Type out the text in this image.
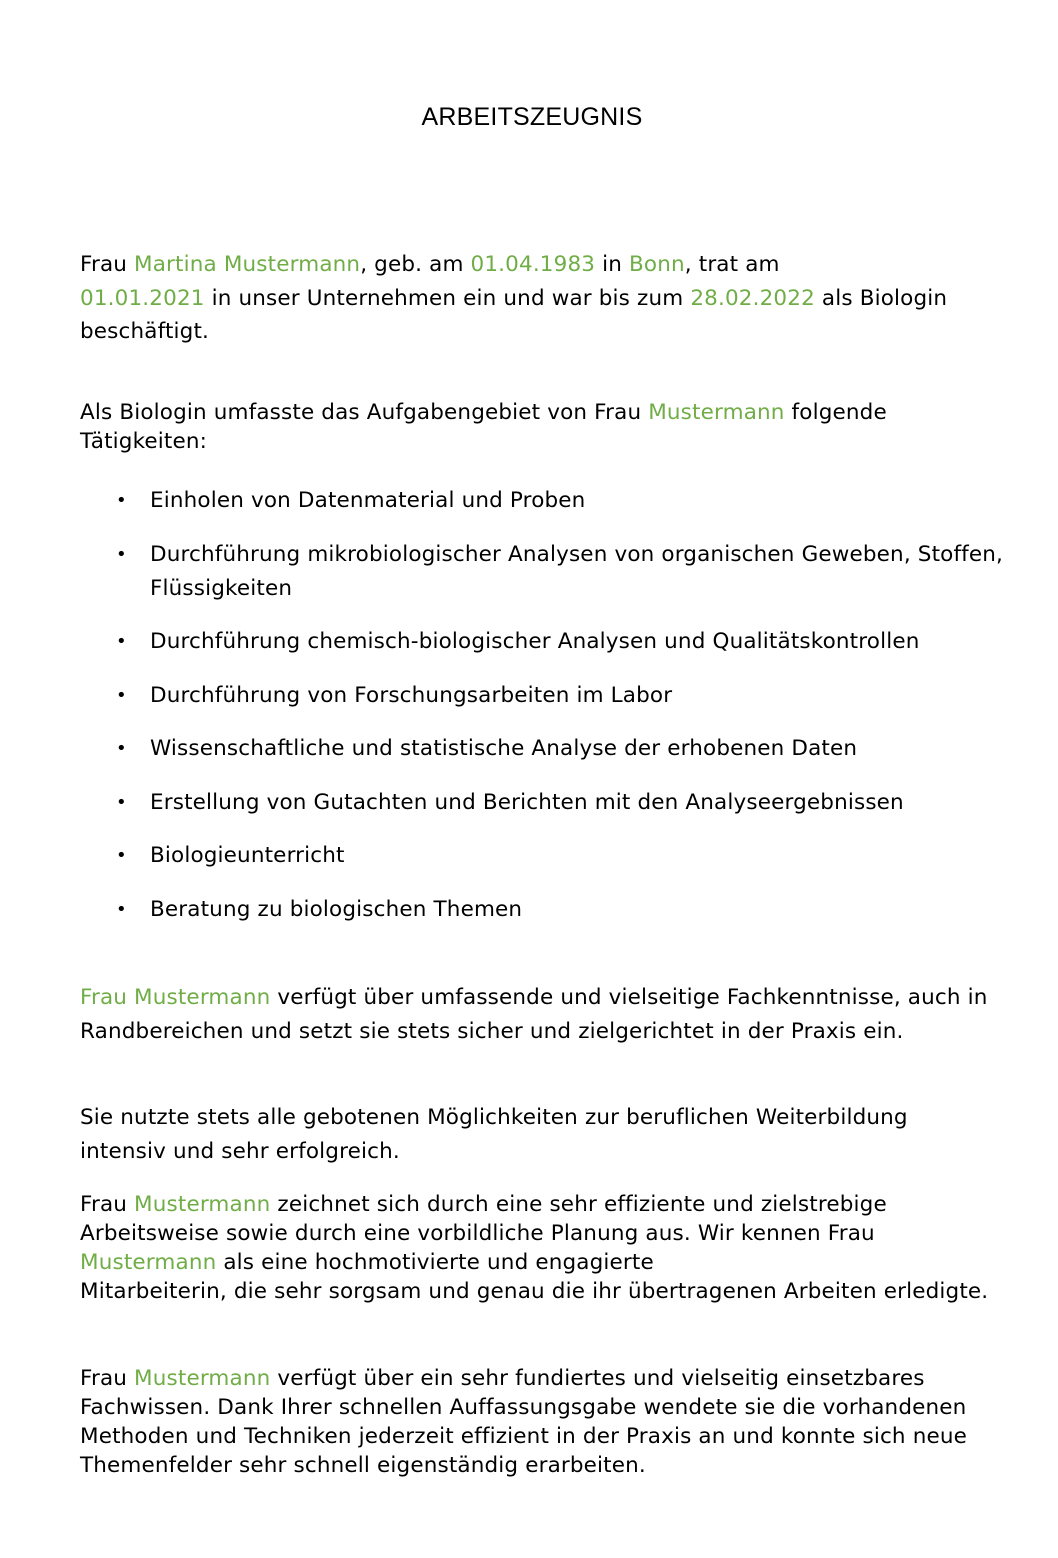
ARBEITSZEUGNIS

Frau Martina Mustermann, geb. am 01.04.1983 in Bonn, trat am
01.01.2021 in unser Unternehmen ein und war bis zum 28.02.2022 als Biologin beschäftigt.

Als Biologin umfasste das Aufgabengebiet von Frau Mustermann folgende Tätigkeiten:

• Einholen von Datenmaterial und Proben
• Durchführung mikrobiologischer Analysen von organischen Geweben, Stoffen, Flüssigkeiten
• Durchführung chemisch-biologischer Analysen und Qualitätskontrollen
• Durchführung von Forschungsarbeiten im Labor
• Wissenschaftliche und statistische Analyse der erhobenen Daten
• Erstellung von Gutachten und Berichten mit den Analyseergebnissen
• Biologieunterricht
• Beratung zu biologischen Themen

Frau Mustermann verfügt über umfassende und vielseitige Fachkenntnisse, auch in Randbereichen und setzt sie stets sicher und zielgerichtet in der Praxis ein.

Sie nutzte stets alle gebotenen Möglichkeiten zur beruflichen Weiterbildung intensiv und sehr erfolgreich.

Frau Mustermann zeichnet sich durch eine sehr effiziente und zielstrebige Arbeitsweise sowie durch eine vorbildliche Planung aus. Wir kennen Frau Mustermann als eine hochmotivierte und engagierte
Mitarbeiterin, die sehr sorgsam und genau die ihr übertragenen Arbeiten erledigte.

Frau Mustermann verfügt über ein sehr fundiertes und vielseitig einsetzbares Fachwissen. Dank Ihrer schnellen Auffassungsgabe wendete sie die vorhandenen Methoden und Techniken jederzeit effizient in der Praxis an und konnte sich neue Themenfelder sehr schnell eigenständig erarbeiten.
